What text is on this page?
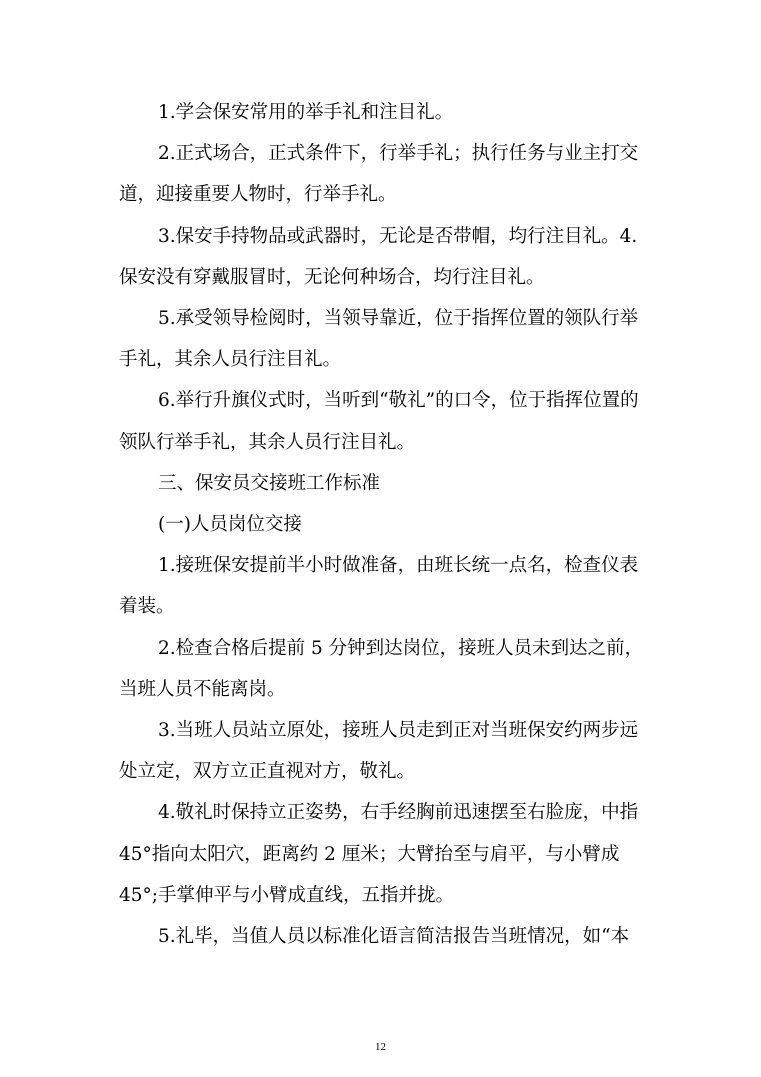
1.学会保安常用的举手礼和注目礼。

2.正式场合，正式条件下，行举手礼；执行任务与业主打交
道，迎接重要人物时，行举手礼。

3.保安手持物品或武器时，无论是否带帽，均行注目礼。4.
保安没有穿戴服冒时，无论何种场合，均行注目礼。

5.承受领导检阅时，当领导靠近，位于指挥位置的领队行举
手礼，其余人员行注目礼。

6.举行升旗仪式时，当听到“敬礼”的口令，位于指挥位置的
领队行举手礼，其余人员行注目礼。

三、保安员交接班工作标准

(一)人员岗位交接

1.接班保安提前半小时做准备，由班长统一点名，检查仪表
着装。

2.检查合格后提前 5 分钟到达岗位，接班人员未到达之前，
当班人员不能离岗。

3.当班人员站立原处，接班人员走到正对当班保安约两步远
处立定，双方立正直视对方，敬礼。

4.敬礼时保持立正姿势，右手经胸前迅速摆至右脸庞，中指
45°指向太阳穴，距离约 2 厘米；大臂抬至与肩平，与小臂成
45°;手掌伸平与小臂成直线，五指并拢。

5.礼毕，当值人员以标准化语言简洁报告当班情况，如“本

12
